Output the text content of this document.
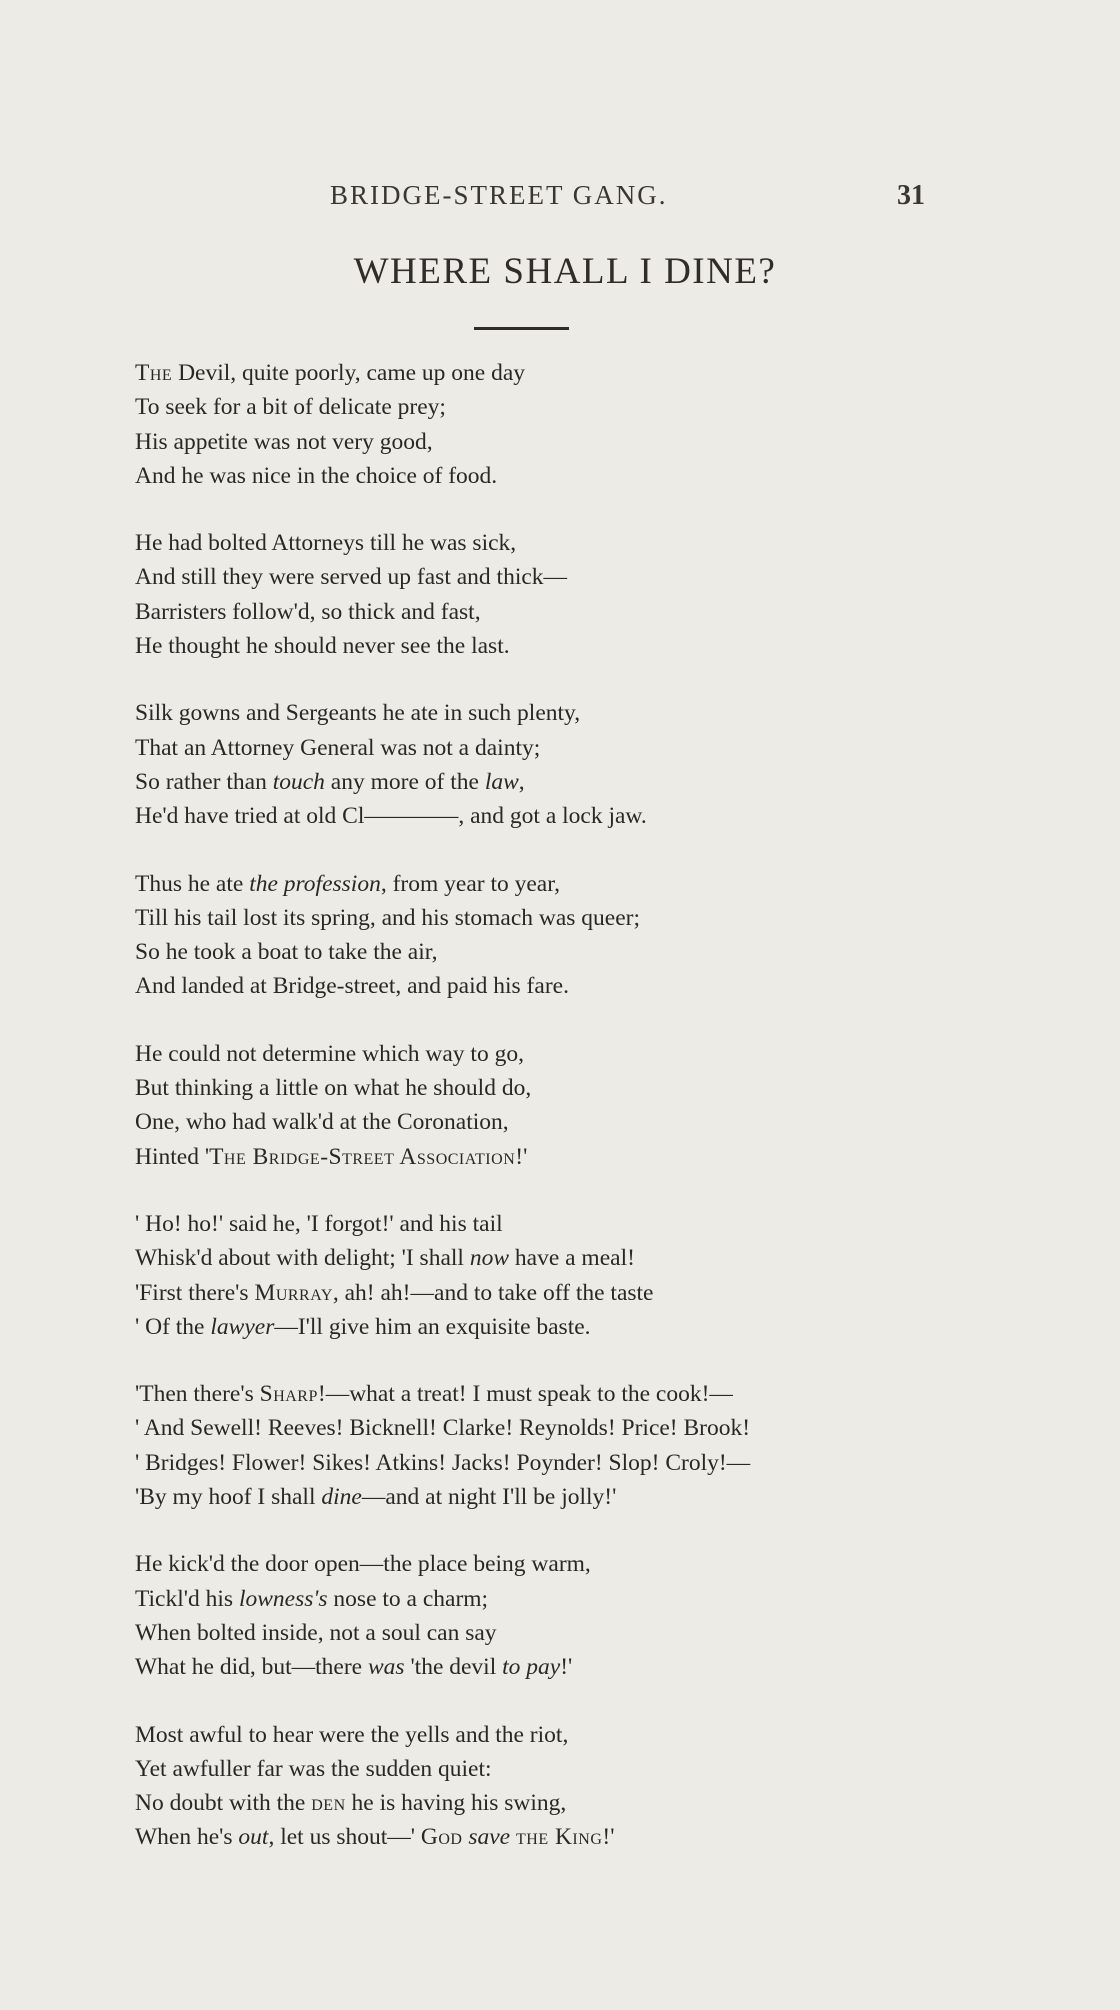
BRIDGE-STREET GANG.	31
WHERE SHALL I DINE?
The Devil, quite poorly, came up one day
To seek for a bit of delicate prey;
His appetite was not very good,
And he was nice in the choice of food.
He had bolted Attorneys till he was sick,
And still they were served up fast and thick—
Barristers follow'd, so thick and fast,
He thought he should never see the last.
Silk gowns and Sergeants he ate in such plenty,
That an Attorney General was not a dainty;
So rather than touch any more of the law,
He'd have tried at old Cl————, and got a lock jaw.
Thus he ate the profession, from year to year,
Till his tail lost its spring, and his stomach was queer;
So he took a boat to take the air,
And landed at Bridge-street, and paid his fare.
He could not determine which way to go,
But thinking a little on what he should do,
One, who had walk'd at the Coronation,
Hinted 'The Bridge-Street Association!'
' Ho! ho!' said he, 'I forgot!' and his tail
Whisk'd about with delight; 'I shall now have a meal!
'First there's Murray, ah! ah!—and to take off the taste
' Of the lawyer—I'll give him an exquisite baste.
'Then there's Sharp!—what a treat! I must speak to the cook!—
' And Sewell! Reeves! Bicknell! Clarke! Reynolds! Price! Brook!
' Bridges! Flower! Sikes! Atkins! Jacks! Poynder! Slop! Croly!—
'By my hoof I shall dine—and at night I'll be jolly!'
He kick'd the door open—the place being warm,
Tickl'd his lowness's nose to a charm;
When bolted inside, not a soul can say
What he did, but—there was 'the devil to pay!'
Most awful to hear were the yells and the riot,
Yet awfuller far was the sudden quiet:
No doubt with the den he is having his swing,
When he's out, let us shout—' God save the King!'
